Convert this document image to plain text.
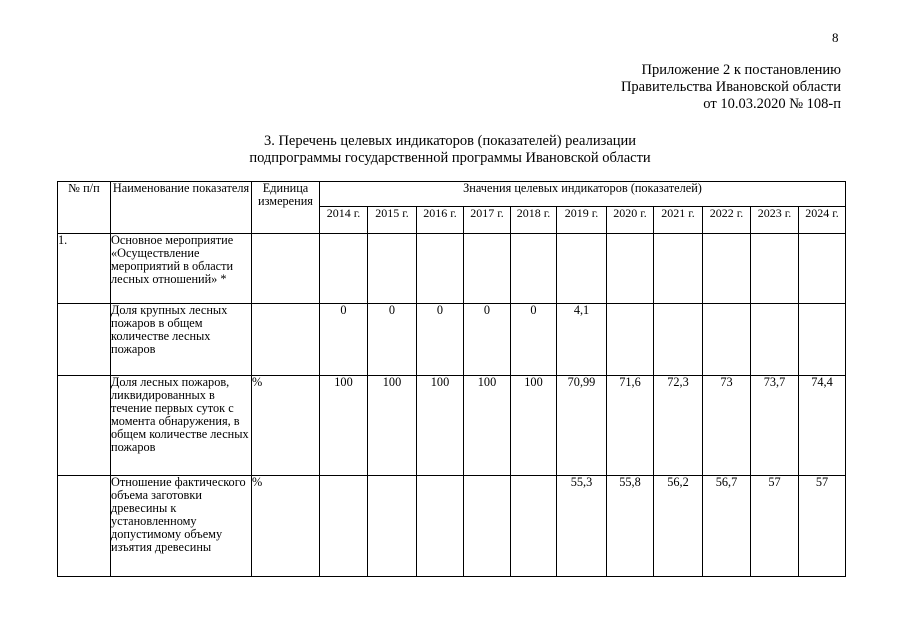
8
Приложение 2 к постановлению
Правительства Ивановской области
от 10.03.2020 № 108-п
3. Перечень целевых индикаторов (показателей) реализации
подпрограммы государственной программы Ивановской области
№ п/п	Наименование показателя	Единица измерения	Значения целевых индикаторов (показателей)										
			2014 г.	2015 г.	2016 г.	2017 г.	2018 г.	2019 г.	2020 г.	2021 г.	2022 г.	2023 г.	2024 г.
1.	Основное мероприятие «Осуществление мероприятий в области лесных отношений» *												
	Доля крупных лесных пожаров в общем количестве лесных пожаров		0	0	0	0	0	4,1					
	Доля лесных пожаров, ликвидированных в течение первых суток с момента обнаружения, в общем количестве лесных пожаров	%	100	100	100	100	100	70,99	71,6	72,3	73	73,7	74,4
	Отношение фактического объема заготовки древесины к установленному допустимому объему изъятия древесины	%						55,3	55,8	56,2	56,7	57	57
